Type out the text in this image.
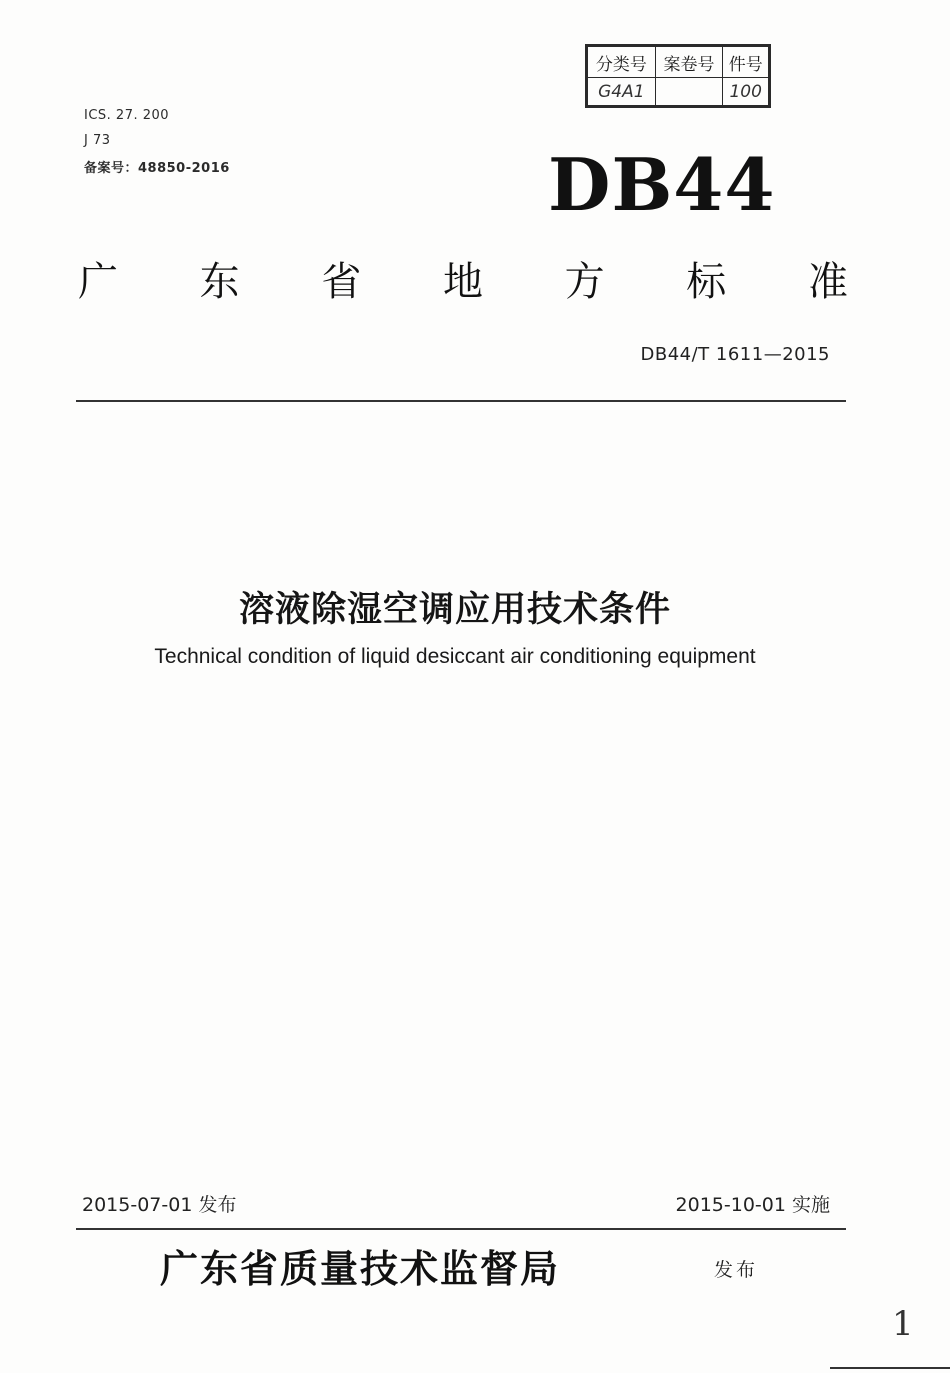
ICS. 27. 200
J 73
备案号：48850-2016
分类号	案卷号	件号
G4A1		100
DB44
广 东 省 地 方 标 准
DB44/T 1611—2015
溶液除湿空调应用技术条件
Technical condition of liquid desiccant air conditioning equipment
2015-07-01 发布	2015-10-01 实施
广东省质量技术监督局	发布
1
